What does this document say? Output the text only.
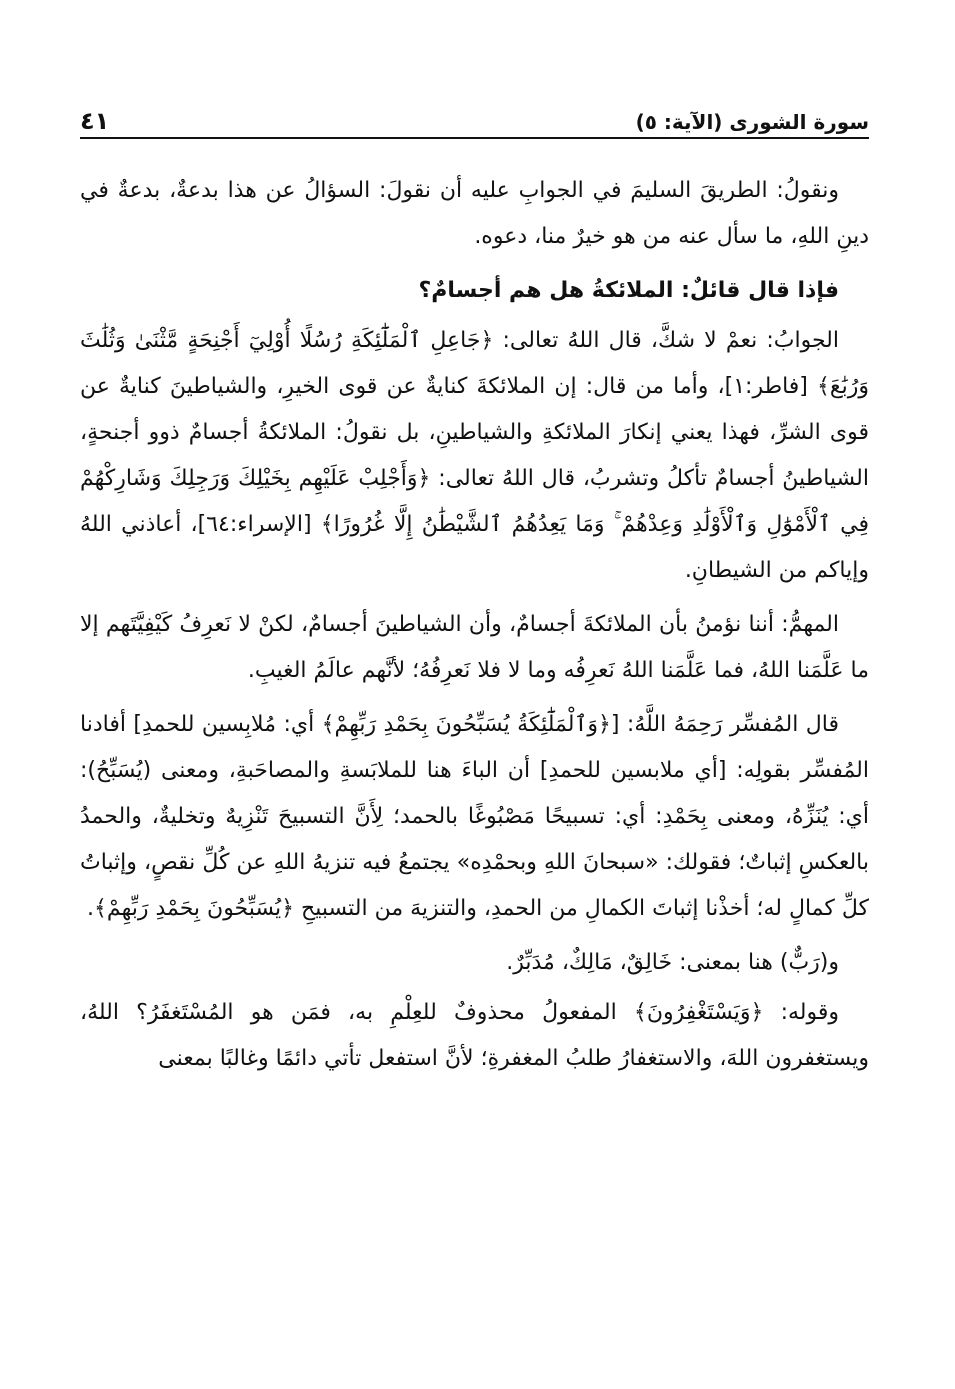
سورة الشورى (الآية: ٥)
٤١

ونقولُ: الطريقَ السليمَ في الجوابِ عليه أن نقولَ: السؤالُ عن هذا بدعةٌ، بدعةٌ في دينِ اللهِ، ما سأل عنه من هو خيرٌ منا، دعوه.

فإذا قال قائلٌ: الملائكةُ هل هم أجسامٌ؟

الجوابُ: نعمْ لا شكَّ، قال اللهُ تعالى: ﴿جَاعِلِ ٱلْمَلَٰٓئِكَةِ رُسُلًا أُوْلِيٓ أَجْنِحَةٍ مَّثْنَىٰ وَثُلَٰثَ وَرُبَٰعَ﴾ [فاطر:١]، وأما من قال: إن الملائكةَ كنايةٌ عن قوى الخيرِ، والشياطينَ كنايةٌ عن قوى الشرِّ، فهذا يعني إنكارَ الملائكةِ والشياطينِ، بل نقولُ: الملائكةُ أجسامٌ ذوو أجنحةٍ، الشياطينُ أجسامٌ تأكلُ وتشربُ، قال اللهُ تعالى: ﴿وَأَجْلِبْ عَلَيْهِم بِخَيْلِكَ وَرَجِلِكَ وَشَارِكْهُمْ فِي ٱلْأَمْوَٰلِ وَٱلْأَوْلَٰدِ وَعِدْهُمْ ۚ وَمَا يَعِدُهُمُ ٱلشَّيْطَٰنُ إِلَّا غُرُورًا﴾ [الإسراء:٦٤]، أعاذني اللهُ وإياكم من الشيطانِ.

المهمُّ: أننا نؤمنُ بأن الملائكةَ أجسامٌ، وأن الشياطينَ أجسامٌ، لكنْ لا نَعرِفُ كَيْفِيَّتَهم إلا ما عَلَّمَنا اللهُ، فما عَلَّمَنا اللهُ نَعرِفُه وما لا فلا نَعرِفُهُ؛ لأنَّهم عالَمُ الغيبِ.

قال المُفسِّر رَحِمَهُ اللَّهُ: [﴿وَٱلْمَلَٰٓئِكَةُ يُسَبِّحُونَ بِحَمْدِ رَبِّهِمْ﴾ أي: مُلابِسين للحمدِ] أفادنا المُفسِّر بقولِه: [أي ملابسين للحمدِ] أن الباءَ هنا للملابَسةِ والمصاحَبةِ، ومعنى (يُسَبِّحُ): أي: يُنَزِّهُ، ومعنى بِحَمْدِ: أي: تسبيحًا مَصْبُوغًا بالحمد؛ لِأَنَّ التسبيحَ تَنْزِيهٌ وتخليةٌ، والحمدُ بالعكسِ إثباتٌ؛ فقولك: «سبحانَ اللهِ وبحمْدِه» يجتمعُ فيه تنزيهُ اللهِ عن كُلِّ نقصٍ، وإثباتُ كلِّ كمالٍ له؛ أخذْنا إثباتَ الكمالِ من الحمدِ، والتنزيهَ من التسبيحِ ﴿يُسَبِّحُونَ بِحَمْدِ رَبِّهِمْ﴾.

و(رَبٌّ) هنا بمعنى: خَالِقٌ، مَالِكٌ، مُدَبِّرٌ.

وقوله: ﴿وَيَسْتَغْفِرُونَ﴾ المفعولُ محذوفٌ للعِلْمِ به، فمَن هو المُسْتَغفَرُ؟ اللهُ، ويستغفرون اللهَ، والاستغفارُ طلبُ المغفرةِ؛ لأنَّ استفعل تأتي دائمًا وغالبًا بمعنى
